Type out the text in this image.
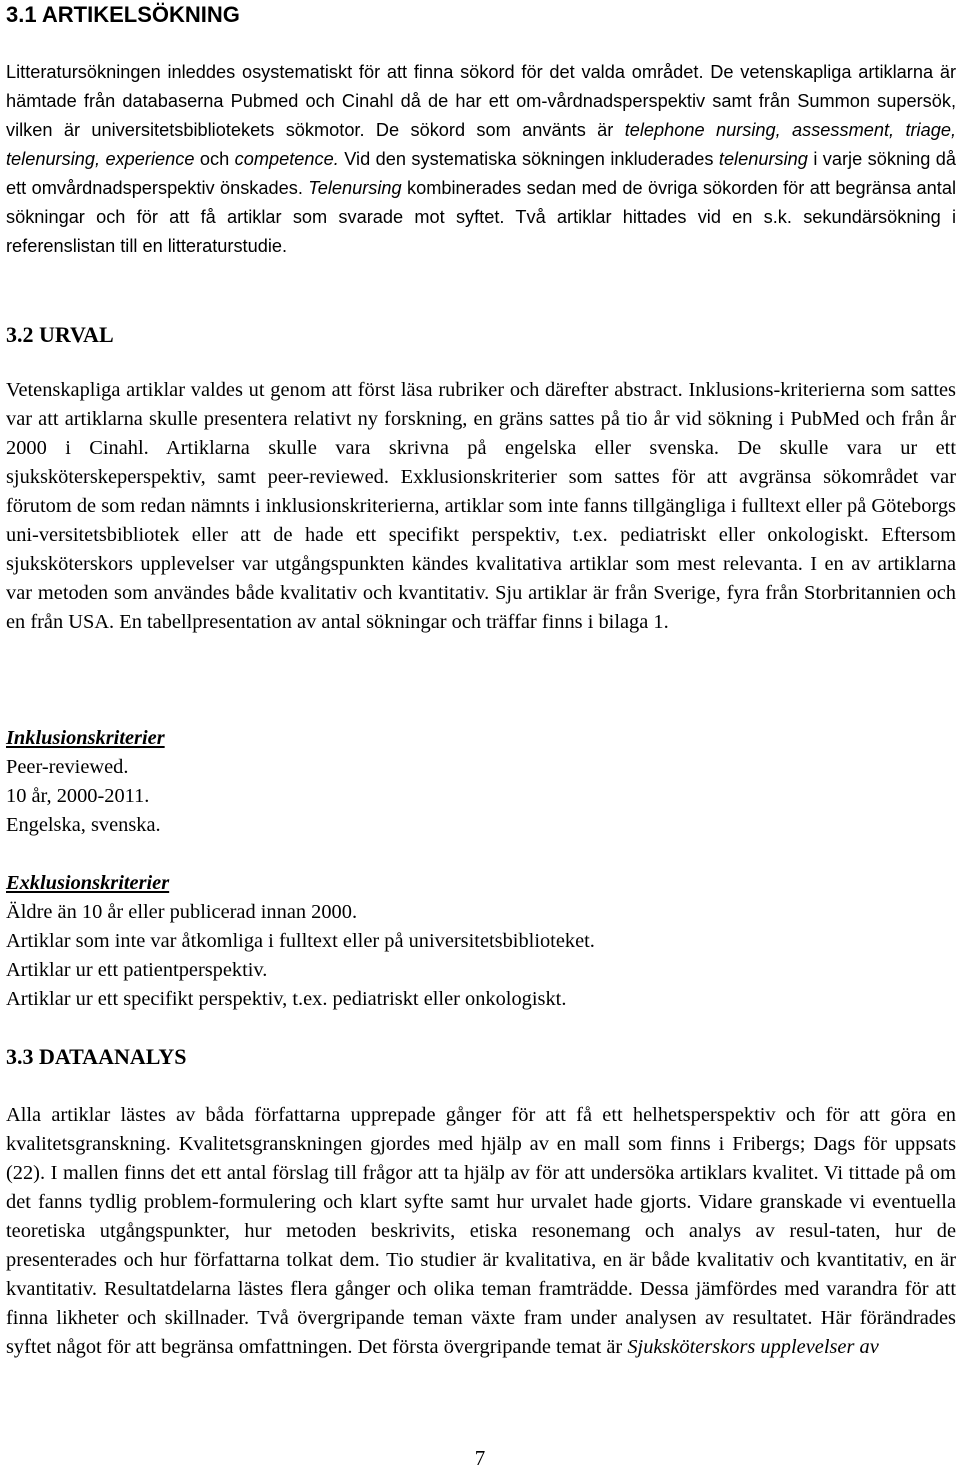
3.1 ARTIKELSÖKNING

Litteratursökningen inleddes osystematiskt för att finna sökord för det valda området. De vetenskapliga artiklarna är hämtade från databaserna Pubmed och Cinahl då de har ett om-vårdnadsperspektiv samt från Summon supersök, vilken är universitetsbibliotekets sökmotor. De sökord som använts är telephone nursing, assessment, triage, telenursing, experience och competence. Vid den systematiska sökningen inkluderades telenursing i varje sökning då ett omvårdnadsperspektiv önskades. Telenursing kombinerades sedan med de övriga sökorden för att begränsa antal sökningar och för att få artiklar som svarade mot syftet. Två artiklar hittades vid en s.k. sekundärsökning i referenslistan till en litteraturstudie.

3.2 URVAL

Vetenskapliga artiklar valdes ut genom att först läsa rubriker och därefter abstract. Inklusions-kriterierna som sattes var att artiklarna skulle presentera relativt ny forskning, en gräns sattes på tio år vid sökning i PubMed och från år 2000 i Cinahl. Artiklarna skulle vara skrivna på engelska eller svenska. De skulle vara ur ett sjuksköterskeperspektiv, samt peer-reviewed. Exklusionskriterier som sattes för att avgränsa sökområdet var förutom de som redan nämnts i inklusionskriterierna, artiklar som inte fanns tillgängliga i fulltext eller på Göteborgs uni-versitetsbibliotek eller att de hade ett specifikt perspektiv, t.ex. pediatriskt eller onkologiskt. Eftersom sjuksköterskors upplevelser var utgångspunkten kändes kvalitativa artiklar som mest relevanta. I en av artiklarna var metoden som användes både kvalitativ och kvantitativ. Sju artiklar är från Sverige, fyra från Storbritannien och en från USA. En tabellpresentation av antal sökningar och träffar finns i bilaga 1.

Inklusionskriterier
Peer-reviewed.
10 år, 2000-2011.
Engelska, svenska.
Exklusionskriterier
Äldre än 10 år eller publicerad innan 2000.
Artiklar som inte var åtkomliga i fulltext eller på universitetsbiblioteket.
Artiklar ur ett patientperspektiv.
Artiklar ur ett specifikt perspektiv, t.ex. pediatriskt eller onkologiskt.
3.3 DATAANALYS

Alla artiklar lästes av båda författarna upprepade gånger för att få ett helhetsperspektiv och för att göra en kvalitetsgranskning. Kvalitetsgranskningen gjordes med hjälp av en mall som finns i Fribergs; Dags för uppsats (22). I mallen finns det ett antal förslag till frågor att ta hjälp av för att undersöka artiklars kvalitet. Vi tittade på om det fanns tydlig problem-formulering och klart syfte samt hur urvalet hade gjorts. Vidare granskade vi eventuella teoretiska utgångspunkter, hur metoden beskrivits, etiska resonemang och analys av resul-taten, hur de presenterades och hur författarna tolkat dem. Tio studier är kvalitativa, en är både kvalitativ och kvantitativ, en är kvantitativ. Resultatdelarna lästes flera gånger och olika teman framträdde. Dessa jämfördes med varandra för att finna likheter och skillnader. Två övergripande teman växte fram under analysen av resultatet. Här förändrades syftet något för att begränsa omfattningen. Det första övergripande temat är Sjuksköterskors upplevelser av

7
